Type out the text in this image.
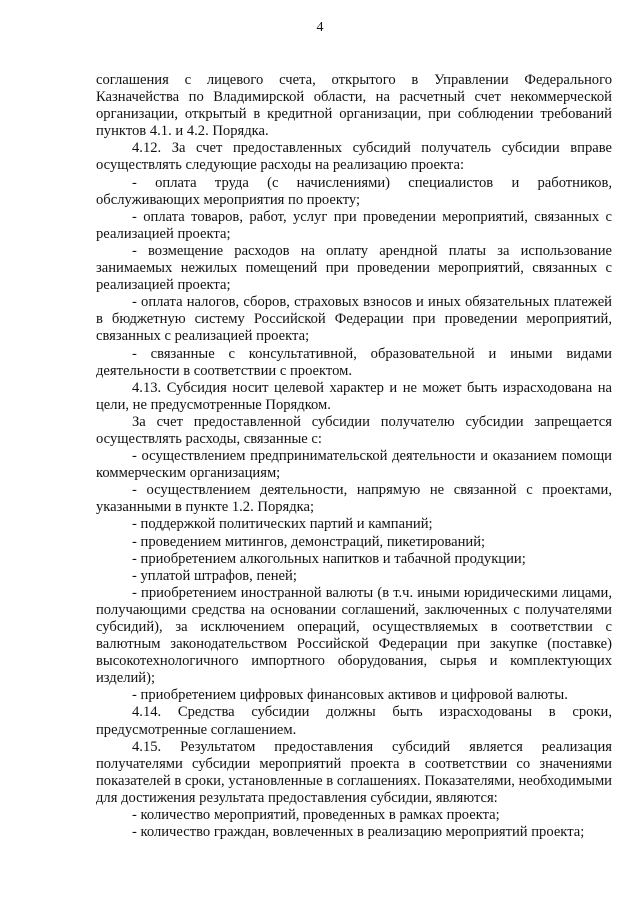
4

соглашения с лицевого счета, открытого в Управлении Федерального Казначейства по Владимирской области, на расчетный счет некоммерческой организации, открытый в кредитной организации, при соблюдении требований пунктов 4.1. и 4.2. Порядка.

4.12. За счет предоставленных субсидий получатель субсидии вправе осуществлять следующие расходы на реализацию проекта:

- оплата труда (с начислениями) специалистов и работников, обслуживающих мероприятия по проекту;

- оплата товаров, работ, услуг при проведении мероприятий, связанных с реализацией проекта;

- возмещение расходов на оплату арендной платы за использование занимаемых нежилых помещений при проведении мероприятий, связанных с реализацией проекта;

- оплата налогов, сборов, страховых взносов и иных обязательных платежей в бюджетную систему Российской Федерации при проведении мероприятий, связанных с реализацией проекта;

- связанные с консультативной, образовательной и иными видами деятельности в соответствии с проектом.

4.13. Субсидия носит целевой характер и не может быть израсходована на цели, не предусмотренные Порядком.

За счет предоставленной субсидии получателю субсидии запрещается осуществлять расходы, связанные с:

- осуществлением предпринимательской деятельности и оказанием помощи коммерческим организациям;

- осуществлением деятельности, напрямую не связанной с проектами, указанными в пункте 1.2. Порядка;

- поддержкой политических партий и кампаний;

- проведением митингов, демонстраций, пикетирований;

- приобретением алкогольных напитков и табачной продукции;

- уплатой штрафов, пеней;

- приобретением иностранной валюты (в т.ч. иными юридическими лицами, получающими средства на основании соглашений, заключенных с получателями субсидий), за исключением операций, осуществляемых в соответствии с валютным законодательством Российской Федерации при закупке (поставке) высокотехнологичного импортного оборудования, сырья и комплектующих изделий);

- приобретением цифровых финансовых активов и цифровой валюты.

4.14. Средства субсидии должны быть израсходованы в сроки, предусмотренные соглашением.

4.15. Результатом предоставления субсидий является реализация получателями субсидии мероприятий проекта в соответствии со значениями показателей в сроки, установленные в соглашениях. Показателями, необходимыми для достижения результата предоставления субсидии, являются:

- количество мероприятий, проведенных в рамках проекта;

- количество граждан, вовлеченных в реализацию мероприятий проекта;
